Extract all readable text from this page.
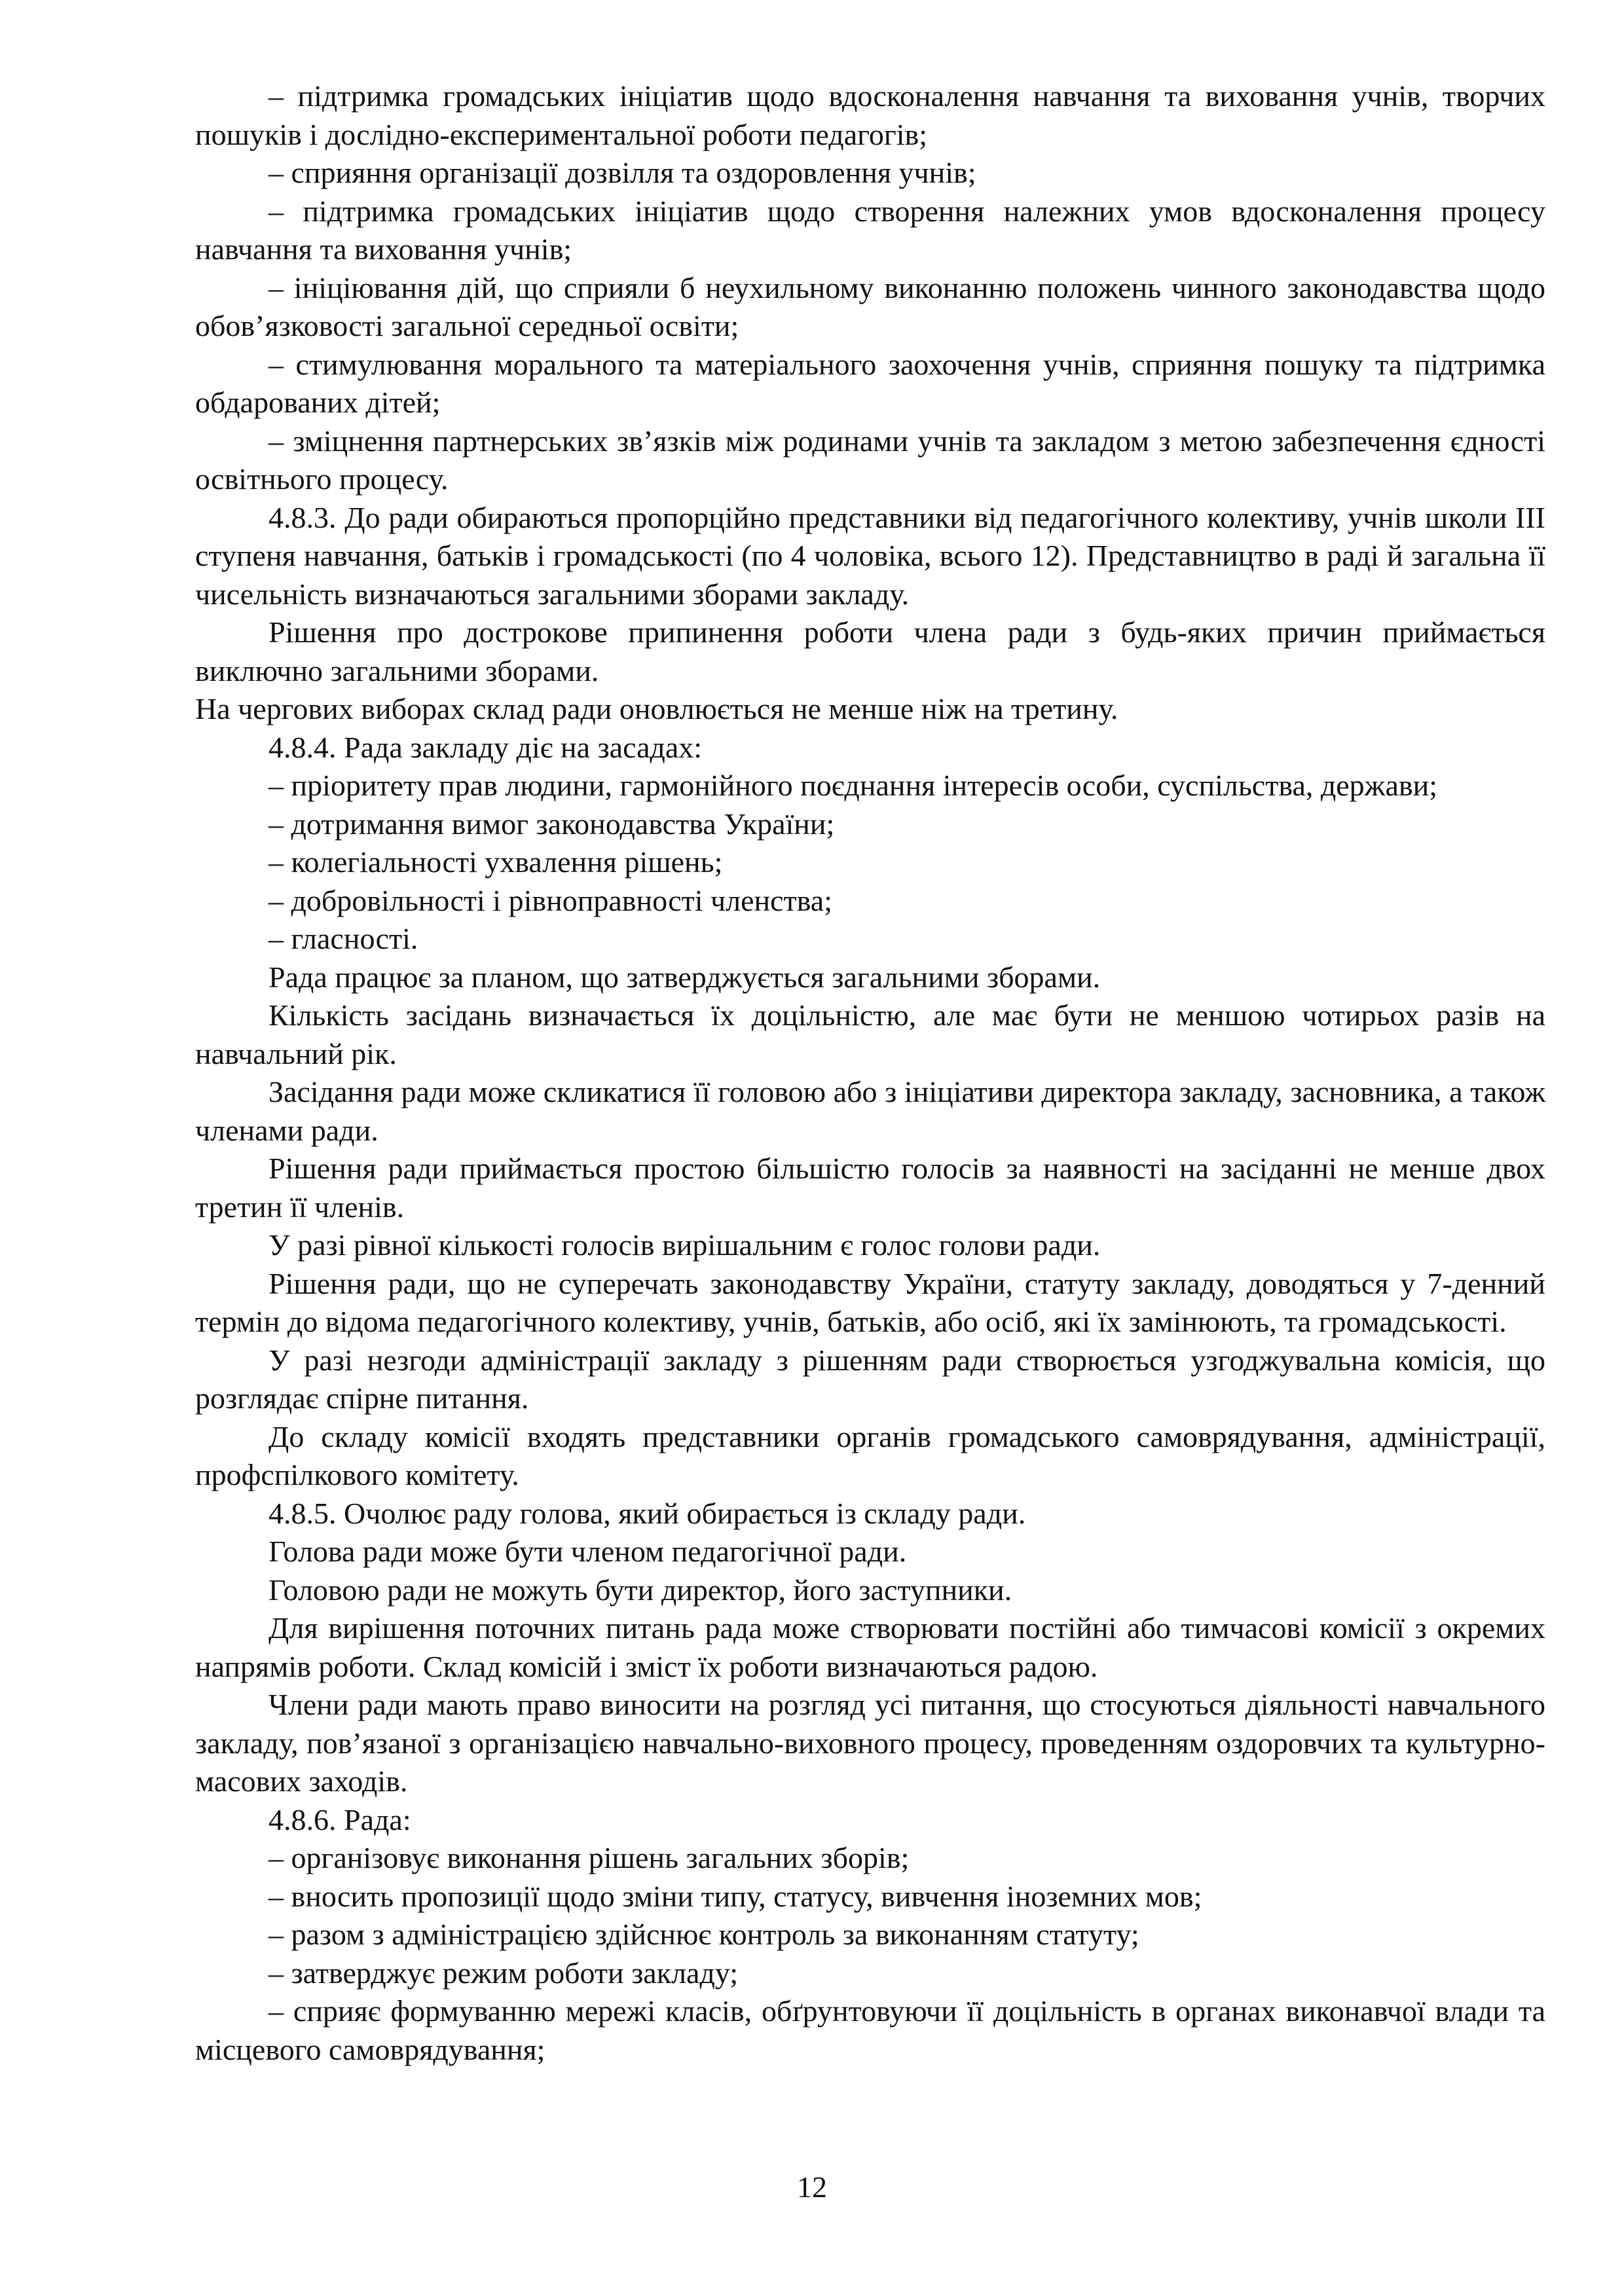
– підтримка громадських ініціатив щодо вдосконалення навчання та виховання учнів, творчих пошуків і дослідно-експериментальної роботи педагогів;

– сприяння організації дозвілля та оздоровлення учнів;

– підтримка громадських ініціатив щодо створення належних умов вдосконалення процесу навчання та виховання учнів;

– ініціювання дій, що сприяли б неухильному виконанню положень чинного законодавства щодо обов’язковості загальної середньої освіти;

– стимулювання морального та матеріального заохочення учнів, сприяння пошуку та підтримка обдарованих дітей;

– зміцнення партнерських зв’язків між родинами учнів та закладом з метою забезпечення єдності освітнього процесу.

4.8.3. До ради обираються пропорційно представники від педагогічного колективу, учнів школи ІІІ ступеня навчання, батьків і громадськості (по 4 чоловіка, всього 12). Представництво в раді й загальна її чисельність визначаються загальними зборами закладу.

Рішення про дострокове припинення роботи члена ради з будь-яких причин приймається виключно загальними зборами.

На чергових виборах склад ради оновлюється не менше ніж на третину.

4.8.4. Рада закладу діє на засадах:

– пріоритету прав людини, гармонійного поєднання інтересів особи, суспільства, держави;

– дотримання вимог законодавства України;

– колегіальності ухвалення рішень;

– добровільності і рівноправності членства;

– гласності.

Рада працює за планом, що затверджується загальними зборами.

Кількість засідань визначається їх доцільністю, але має бути не меншою чотирьох разів на навчальний рік.

Засідання ради може скликатися її головою або з ініціативи директора закладу, засновника, а також членами ради.

Рішення ради приймається простою більшістю голосів за наявності на засіданні не менше двох третин її членів.

У разі рівної кількості голосів вирішальним є голос голови ради.

Рішення ради, що не суперечать законодавству України, статуту закладу, доводяться у 7-денний термін до відома педагогічного колективу, учнів, батьків, або осіб, які їх замінюють, та громадськості.

У разі незгоди адміністрації закладу з рішенням ради створюється узгоджувальна комісія, що розглядає спірне питання.

До складу комісії входять представники органів громадського самоврядування, адміністрації, профспілкового комітету.

4.8.5. Очолює раду голова, який обирається із складу ради.

Голова ради може бути членом педагогічної ради.

Головою ради не можуть бути директор, його заступники.

Для вирішення поточних питань рада може створювати постійні або тимчасові комісії з окремих напрямів роботи. Склад комісій і зміст їх роботи визначаються радою.

Члени ради мають право виносити на розгляд усі питання, що стосуються діяльності навчального закладу, пов’язаної з організацією навчально-виховного процесу, проведенням оздоровчих та культурно-масових заходів.

4.8.6. Рада:

– організовує виконання рішень загальних зборів;

– вносить пропозиції щодо зміни типу, статусу, вивчення іноземних мов;

– разом з адміністрацією здійснює контроль за виконанням статуту;

– затверджує режим роботи закладу;

– сприяє формуванню мережі класів, обґрунтовуючи її доцільність в органах виконавчої влади та місцевого самоврядування;

12
